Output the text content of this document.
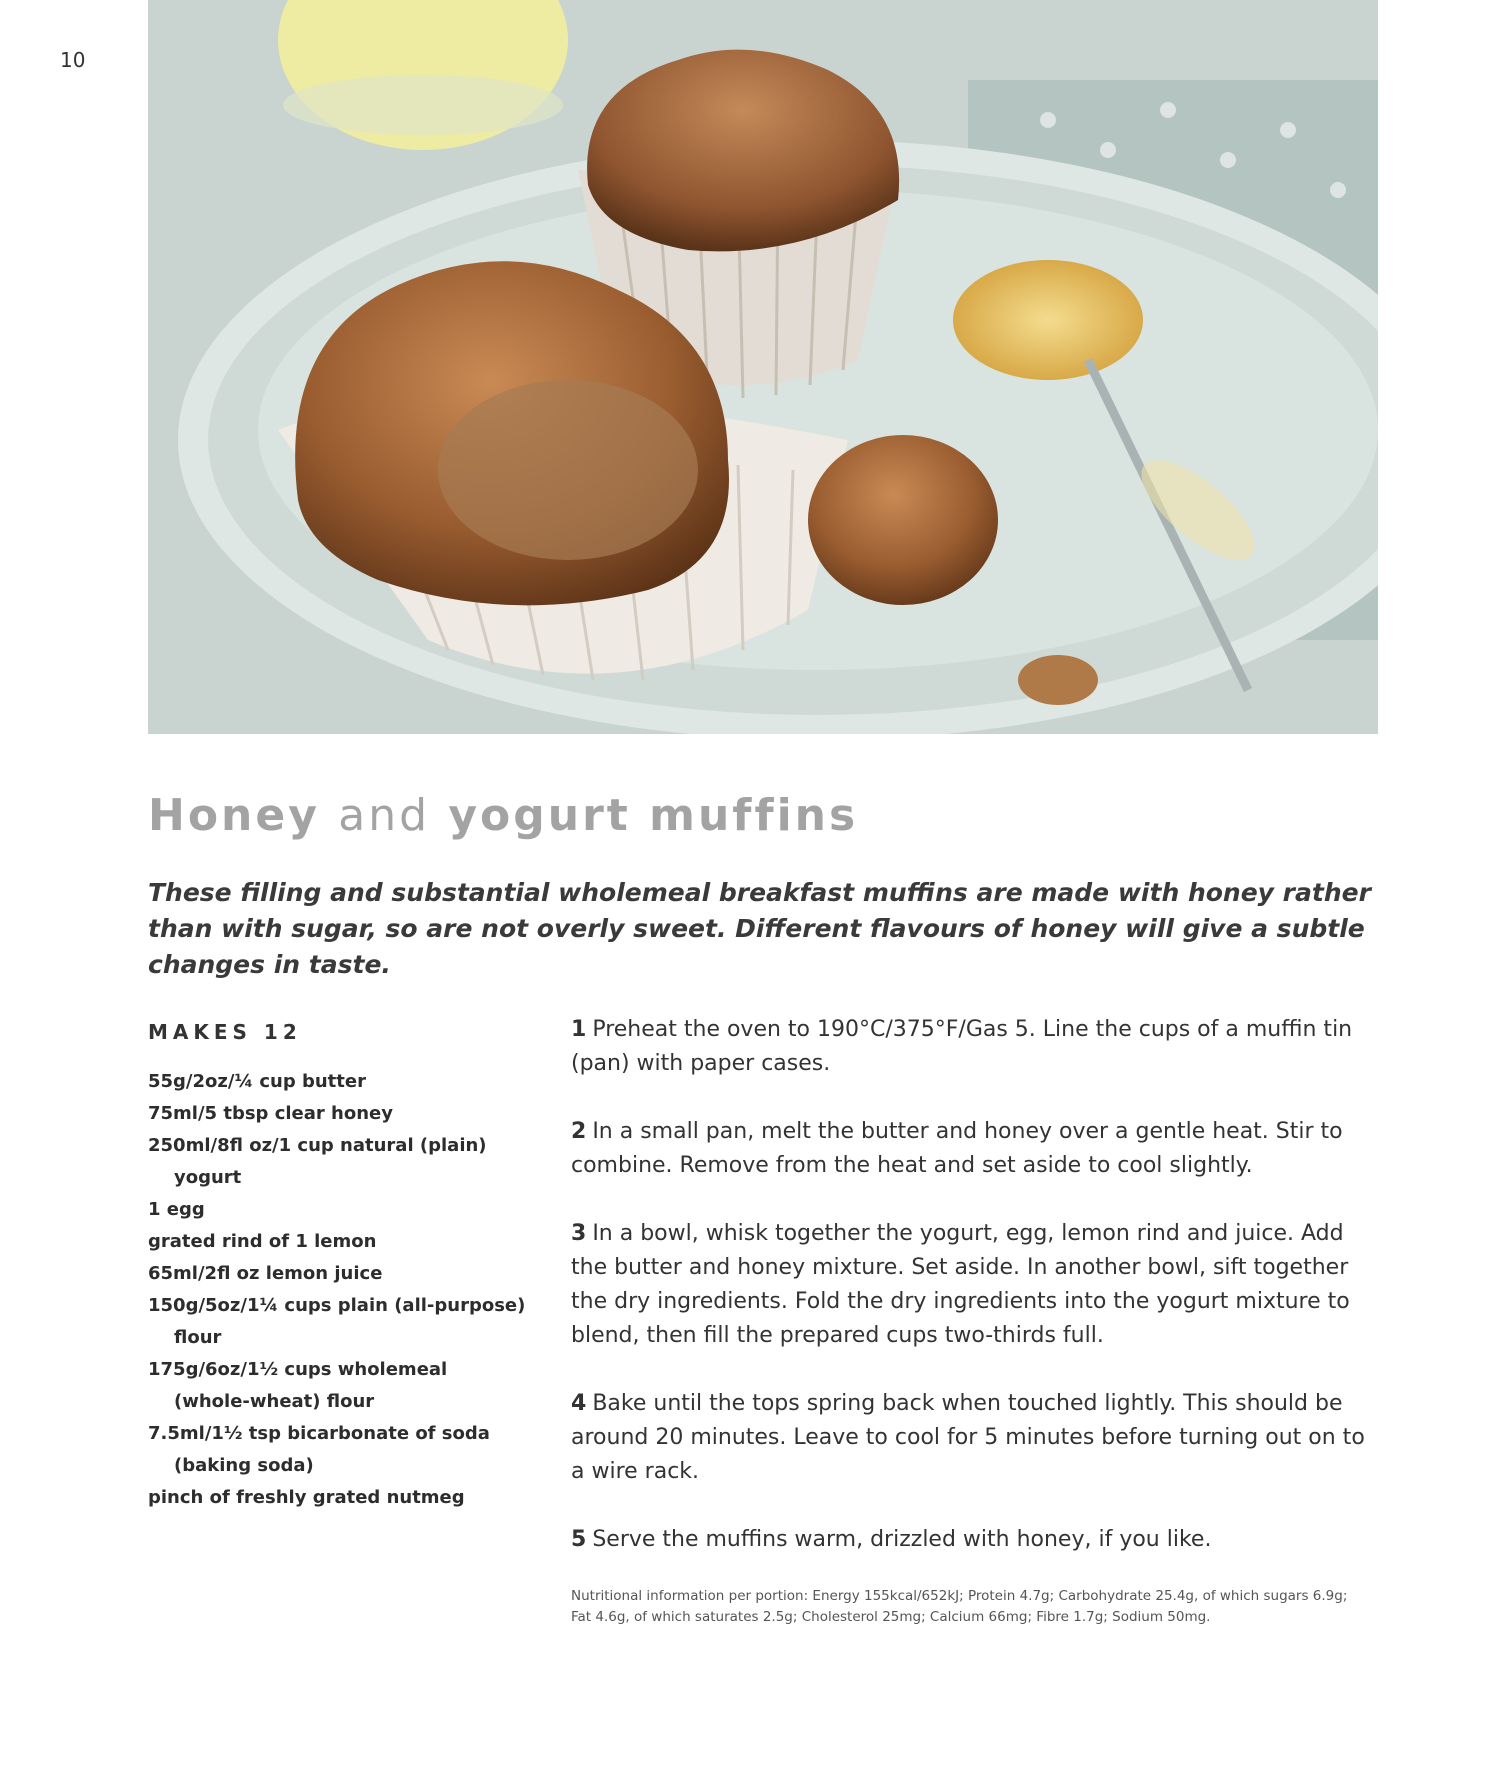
10
Honey and yogurt muffins

These filling and substantial wholemeal breakfast muffins are made with honey rather than with sugar, so are not overly sweet. Different flavours of honey will give a subtle changes in taste.

MAKES 12
55g/2oz/¼ cup butter
75ml/5 tbsp clear honey
250ml/8fl oz/1 cup natural (plain) yogurt
1 egg
grated rind of 1 lemon
65ml/2fl oz lemon juice
150g/5oz/1¼ cups plain (all-purpose) flour
175g/6oz/1½ cups wholemeal (whole-wheat) flour
7.5ml/1½ tsp bicarbonate of soda (baking soda)
pinch of freshly grated nutmeg
1 Preheat the oven to 190°C/375°F/Gas 5. Line the cups of a muffin tin (pan) with paper cases.
2 In a small pan, melt the butter and honey over a gentle heat. Stir to combine. Remove from the heat and set aside to cool slightly.
3 In a bowl, whisk together the yogurt, egg, lemon rind and juice. Add the butter and honey mixture. Set aside. In another bowl, sift together the dry ingredients. Fold the dry ingredients into the yogurt mixture to blend, then fill the prepared cups two-thirds full.
4 Bake until the tops spring back when touched lightly. This should be around 20 minutes. Leave to cool for 5 minutes before turning out on to a wire rack.
5 Serve the muffins warm, drizzled with honey, if you like.
Nutritional information per portion: Energy 155kcal/652kJ; Protein 4.7g; Carbohydrate 25.4g, of which sugars 6.9g; Fat 4.6g, of which saturates 2.5g; Cholesterol 25mg; Calcium 66mg; Fibre 1.7g; Sodium 50mg.
